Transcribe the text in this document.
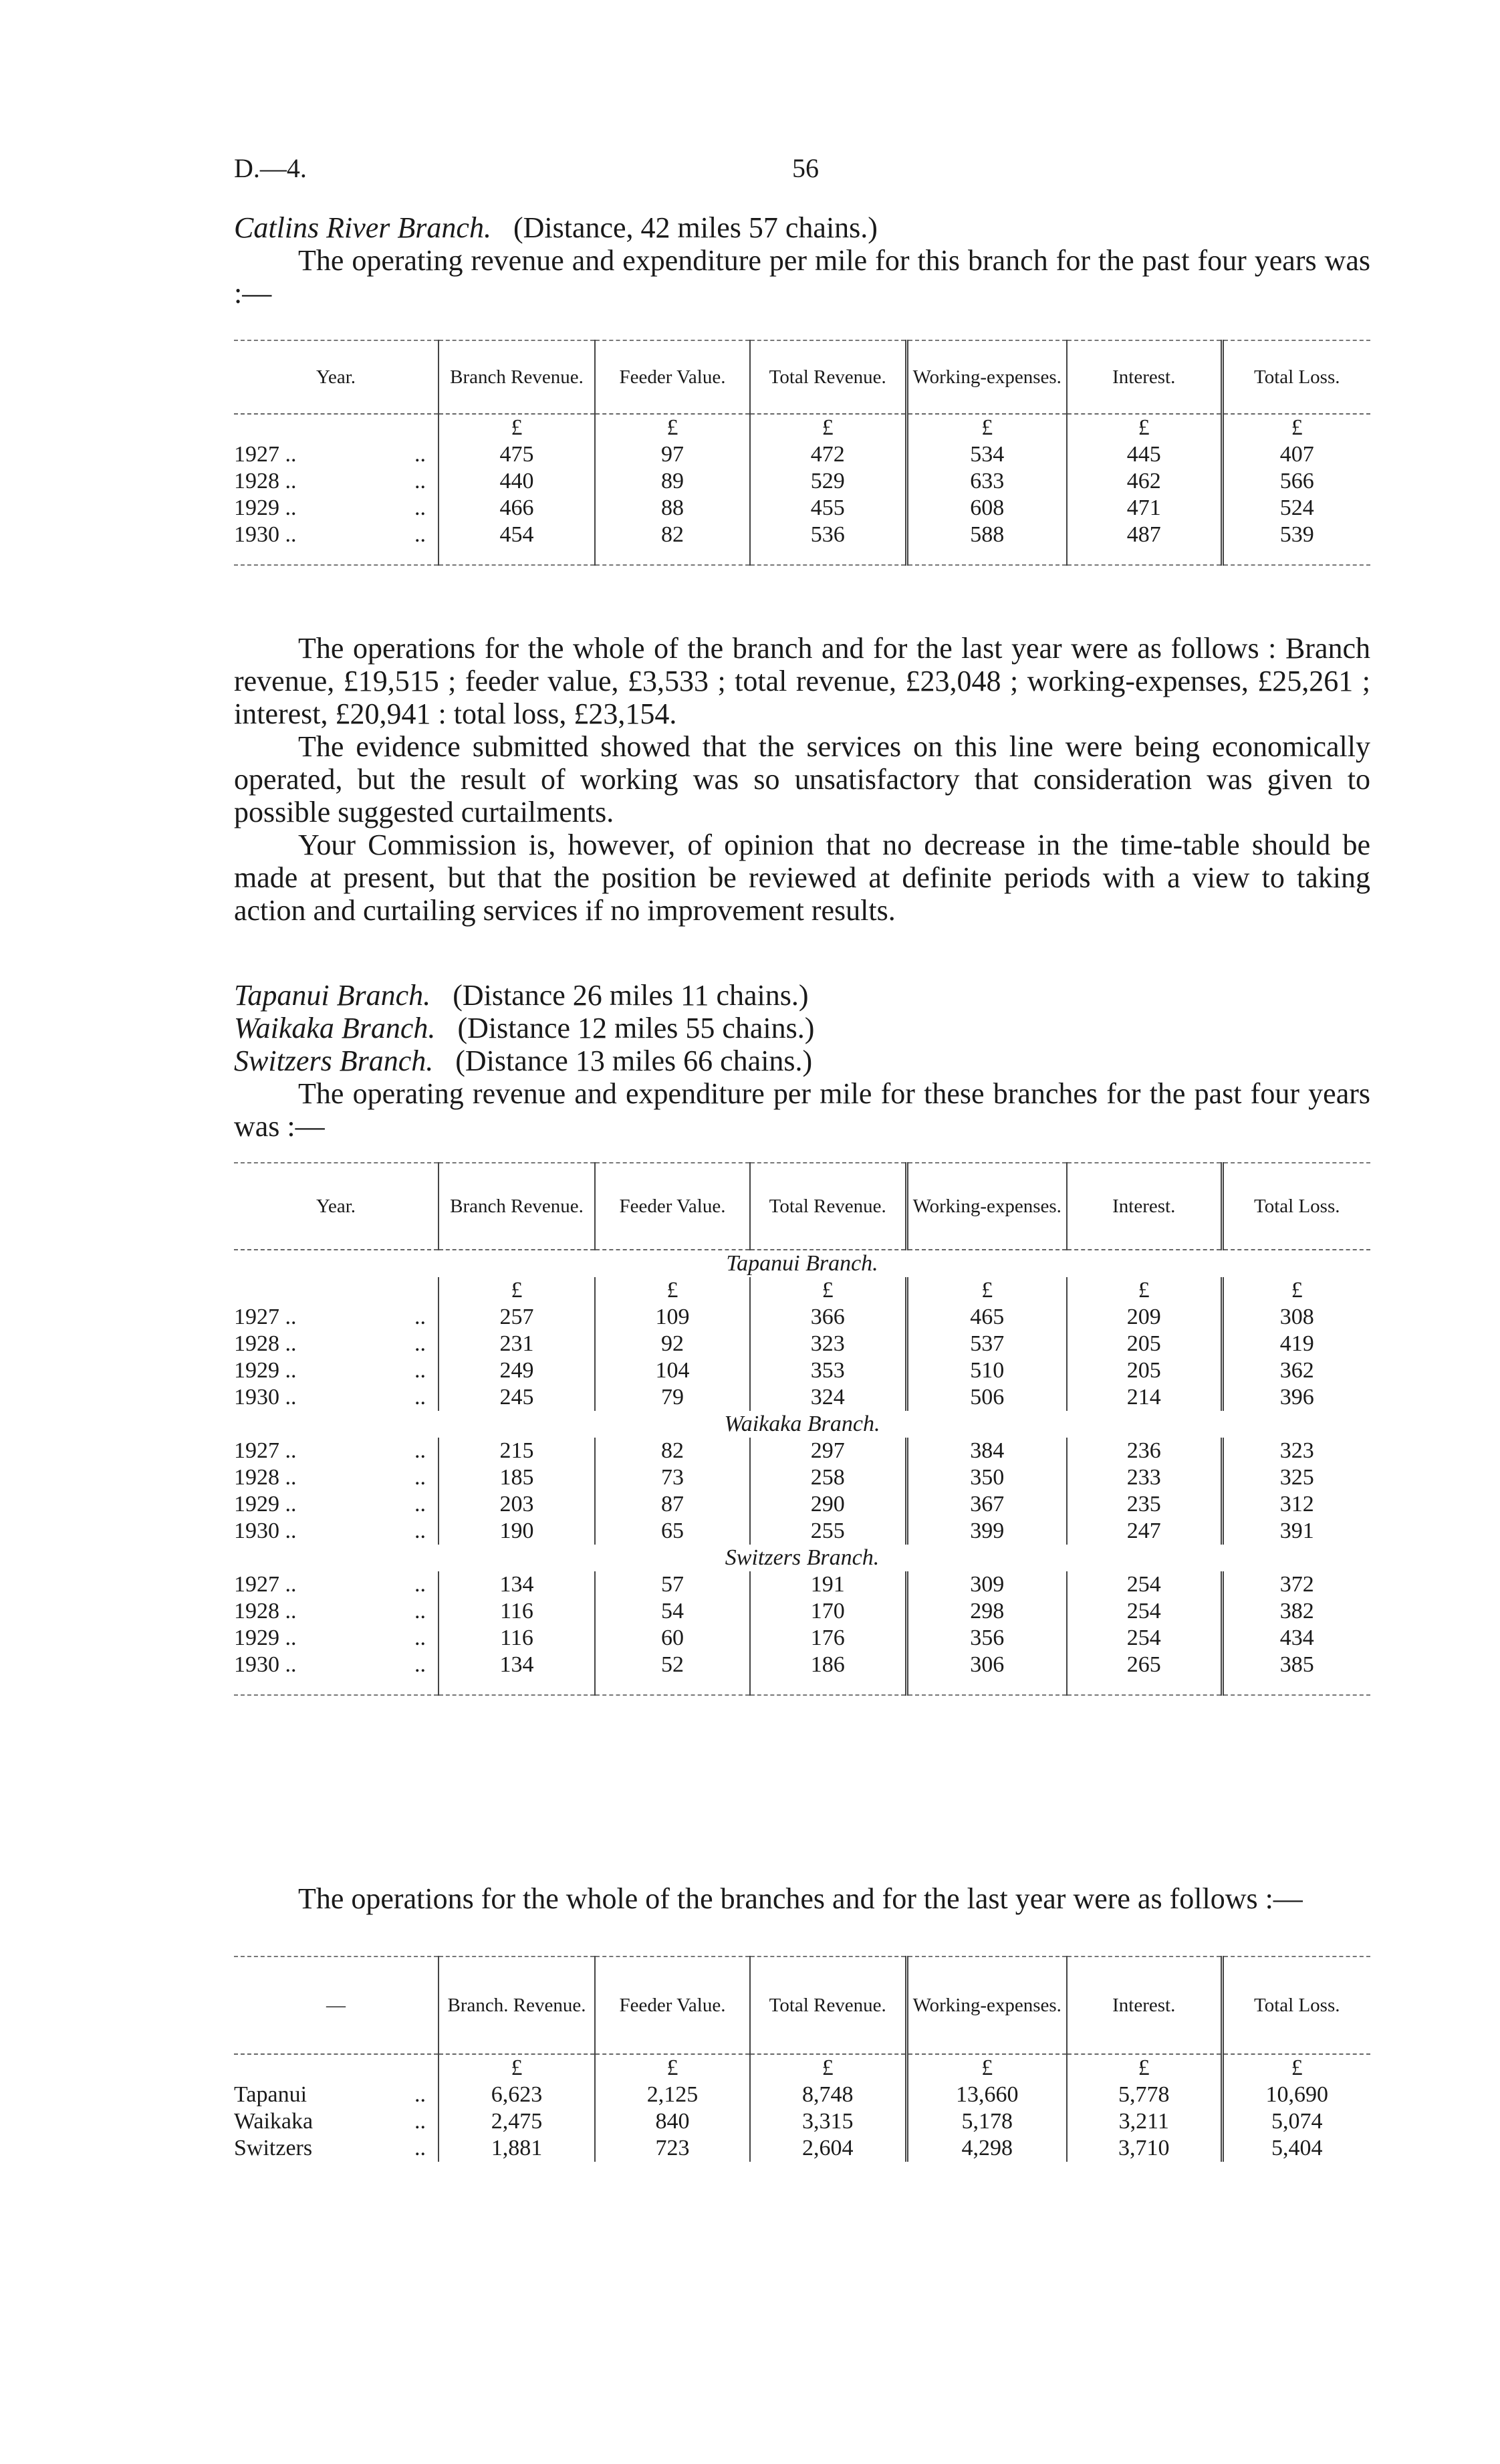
D.—4.	56

Catlins River Branch. (Distance, 42 miles 57 chains.)

The operating revenue and expenditure per mile for this branch for the past four years was :—

Year.	Branch Revenue.	Feeder Value.	Total Revenue.	Working-expenses.	Interest.	Total Loss.
	£	£	£	£	£	£
1927 .. ..	475	97	472	534	445	407
1928 .. ..	440	89	529	633	462	566
1929 .. ..	466	88	455	608	471	524
1930 .. ..	454	82	536	588	487	539

The operations for the whole of the branch and for the last year were as follows : Branch revenue, £19,515 ; feeder value, £3,533 ; total revenue, £23,048 ; working-expenses, £25,261 ; interest, £20,941 : total loss, £23,154.

The evidence submitted showed that the services on this line were being economically operated, but the result of working was so unsatisfactory that consideration was given to possible suggested curtailments.

Your Commission is, however, of opinion that no decrease in the time-table should be made at present, but that the position be reviewed at definite periods with a view to taking action and curtailing services if no improvement results.

Tapanui Branch. (Distance 26 miles 11 chains.)

Waikaka Branch. (Distance 12 miles 55 chains.)

Switzers Branch. (Distance 13 miles 66 chains.)

The operating revenue and expenditure per mile for these branches for the past four years was :—

Year.	Branch Revenue.	Feeder Value.	Total Revenue.	Working-expenses.	Interest.	Total Loss.
Tapanui Branch.						
	£	£	£	£	£	£
1927 .. ..	257	109	366	465	209	308
1928 .. ..	231	92	323	537	205	419
1929 .. ..	249	104	353	510	205	362
1930 .. ..	245	79	324	506	214	396
Waikaka Branch.						
1927 .. ..	215	82	297	384	236	323
1928 .. ..	185	73	258	350	233	325
1929 .. ..	203	87	290	367	235	312
1930 .. ..	190	65	255	399	247	391
Switzers Branch.						
1927 .. ..	134	57	191	309	254	372
1928 .. ..	116	54	170	298	254	382
1929 .. ..	116	60	176	356	254	434
1930 .. ..	134	52	186	306	265	385

The operations for the whole of the branches and for the last year were as follows :—

—	Branch. Revenue.	Feeder Value.	Total Revenue.	Working-expenses.	Interest.	Total Loss.
	£	£	£	£	£	£
Tapanui ..	6,623	2,125	8,748	13,660	5,778	10,690
Waikaka ..	2,475	840	3,315	5,178	3,211	5,074
Switzers ..	1,881	723	2,604	4,298	3,710	5,404
